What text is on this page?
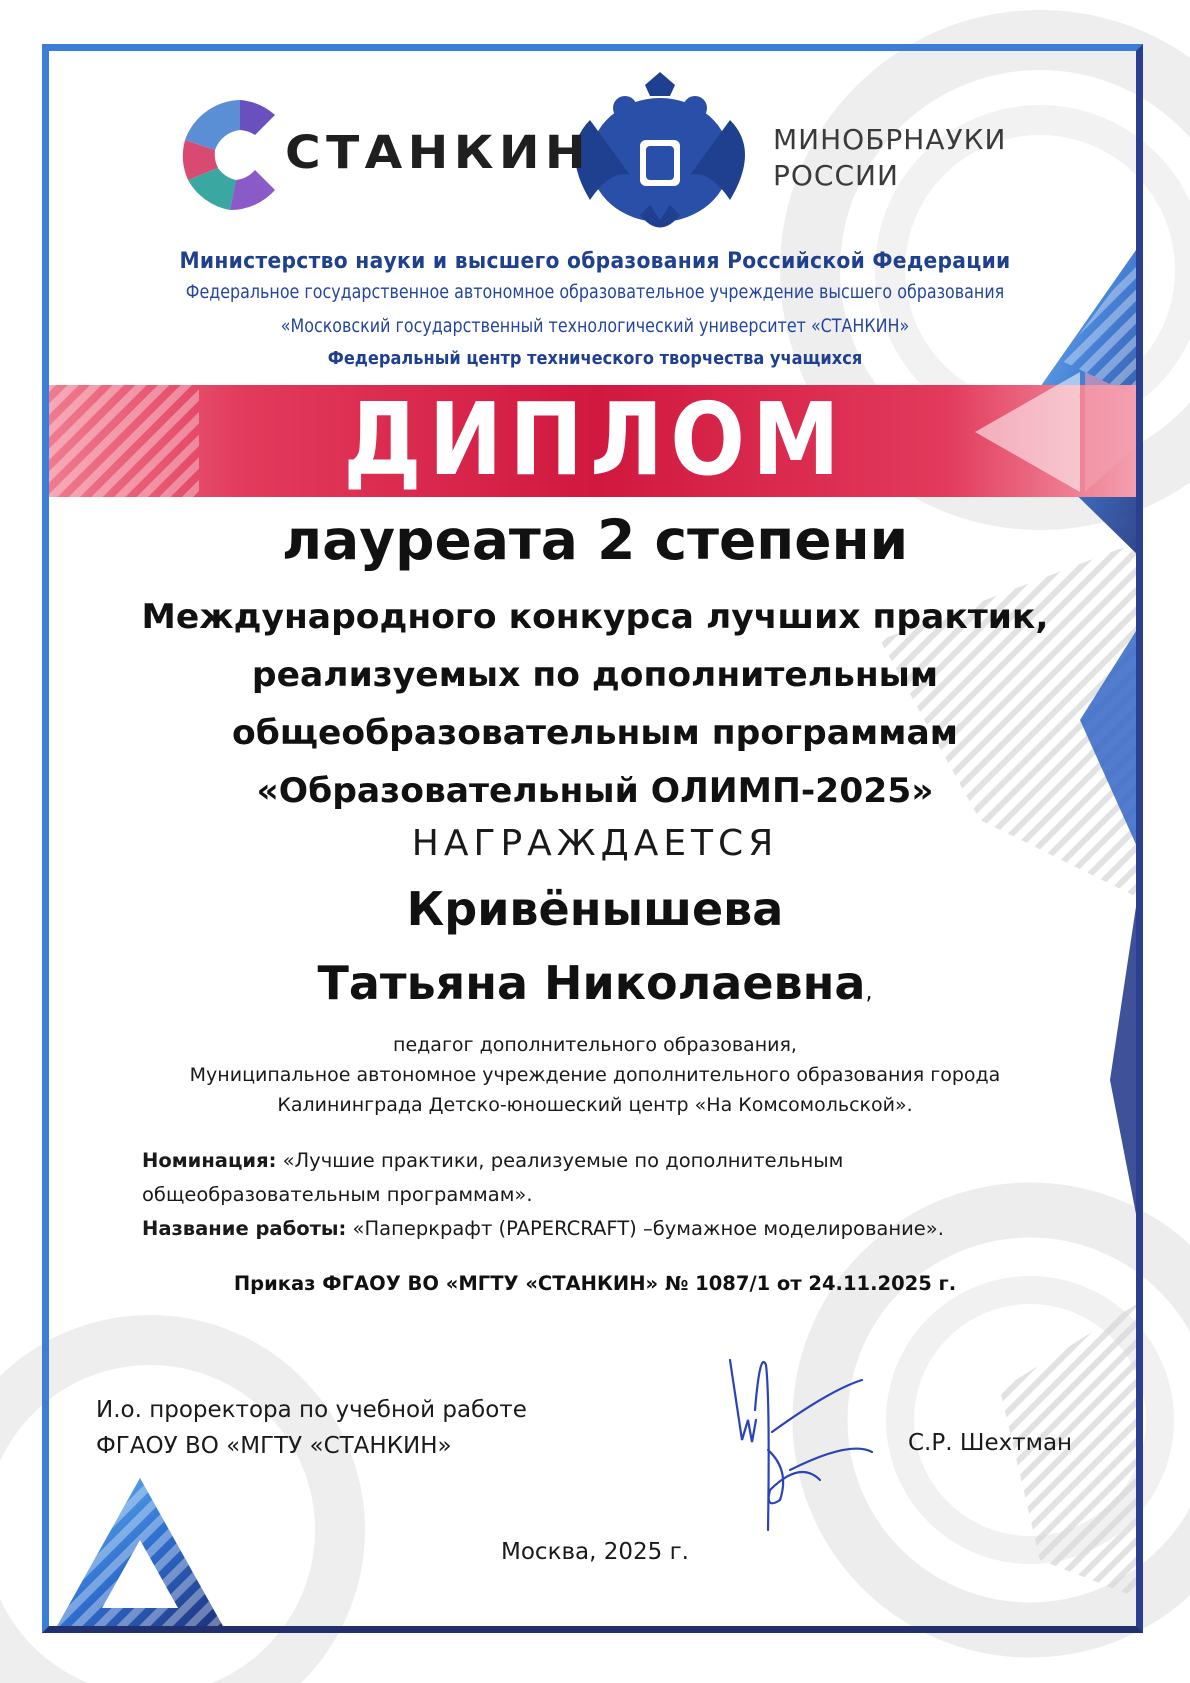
СТАНКИН	МИНОБРНАУКИ
РОССИИ
Министерство науки и высшего образования Российской Федерации
Федеральное государственное автономное образовательное учреждение высшего образования
«Московский государственный технологический университет «СТАНКИН»
Федеральный центр технического творчества учащихся
ДИПЛОМ
лауреата 2 степени
Международного конкурса лучших практик,
реализуемых по дополнительным
общеобразовательным программам
«Образовательный ОЛИМП-2025»
НАГРАЖДАЕТСЯ
Кривёнышева
Татьяна Николаевна,
педагог дополнительного образования,
Муниципальное автономное учреждение дополнительного образования города
Калининграда Детско-юношеский центр «На Комсомольской».
Номинация: «Лучшие практики, реализуемые по дополнительным общеобразовательным программам».
Название работы: «Паперкрафт (PAPERCRAFT) –бумажное моделирование».
Приказ ФГАОУ ВО «МГТУ «СТАНКИН» № 1087/1 от 24.11.2025 г.
И.о. проректора по учебной работе
ФГАОУ ВО «МГТУ «СТАНКИН»	С.Р. Шехтман
Москва, 2025 г.
